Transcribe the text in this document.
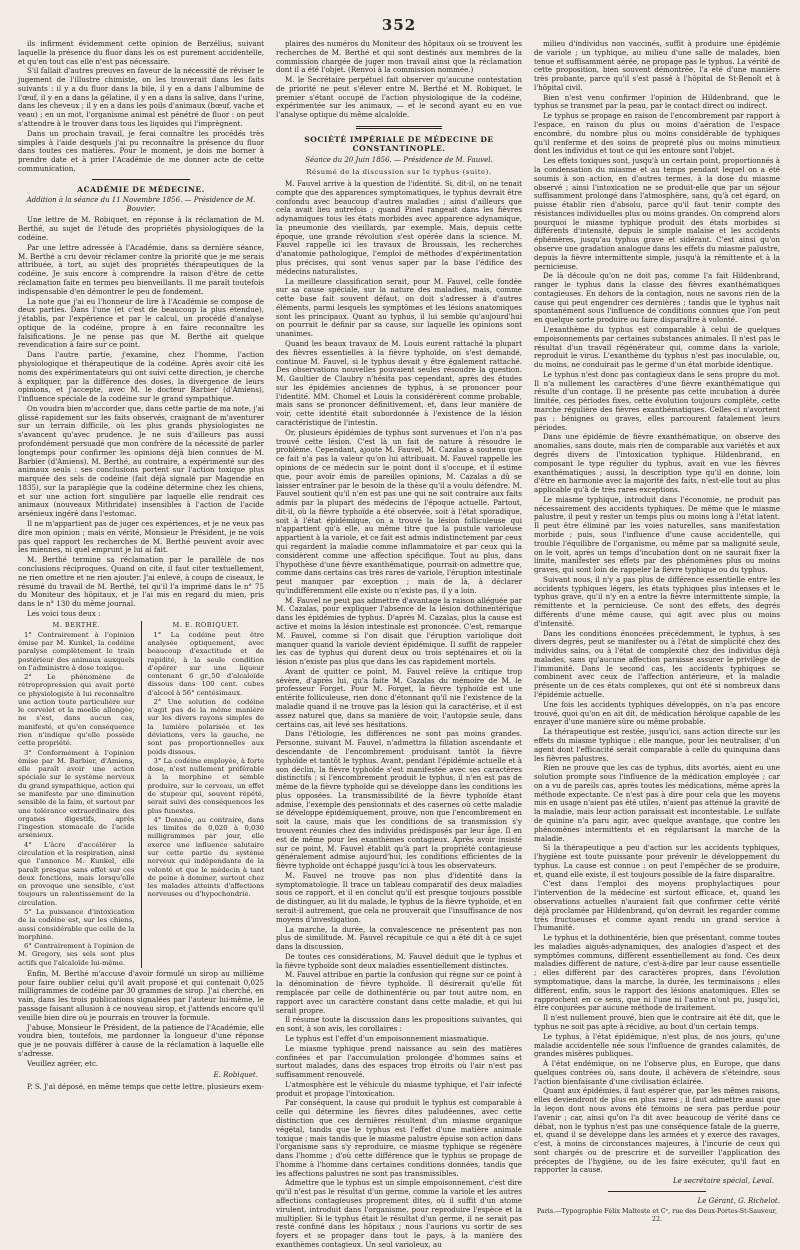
352

ils infirment évidemment cette opinion de Berzélius, suivant laquelle la présence du fluor dans les os est purement accidentelle, et qu'en tout cas elle n'est pas nécessaire.

S'il fallait d'autres preuves en faveur de la nécessité de réviser le jugement de l'illustre chimiste, on les trouverait dans les faits suivants : il y a du fluor dans la bile, il y en a dans l'albumine de l'œuf, il y en a dans la gélatine, il y en a dans la salive, dans l'urine, dans les cheveux ; il y en a dans les poils d'animaux (bœuf, vache et veau) ; en un mot, l'organisme animal est pénétré de fluor : on peut s'attendre à le trouver dans tous les liquides qui l'imprègnent.

Dans un prochain travail, je ferai connaître les procédés très simples à l'aide desquels j'ai pu reconnaître la présence du fluor dans toutes ces matières. Pour le moment, je dois me borner à prendre date et à prier l'Académie de me donner acte de cette communication.

ACADÉMIE DE MÉDECINE.
Addition à la séance du 11 Novembre 1856. — Présidence de M. Bouvier.

Une lettre de M. Robiquet, en réponse à la réclamation de M. Berthé, au sujet de l'étude des propriétés physiologiques de la codéine.

Par une lettre adressée à l'Académie, dans sa dernière séance, M. Berthé a cru devoir réclamer contre la priorité que je me serais attribuée, à tort, au sujet des propriétés thérapeutiques de la codéine. Je suis encore à comprendre la raison d'être de cette réclamation faite en termes peu bienveillants. Il me paraît toutefois indispensable d'en démontrer le peu de fondement.

La note que j'ai eu l'honneur de lire à l'Académie se compose de deux parties. Dans l'une (et c'est de beaucoup la plus étendue), j'établis, par l'expérience et par le calcul, un procédé d'analyse optique de la codéine, propre à en faire reconnaître les falsifications. Je ne pense pas que M. Berthé ait quelque revendication à faire sur ce point.

Dans l'autre partie, j'examine, chez l'homme, l'action physiologique et thérapeutique de la codéine. Après avoir cité les noms des expérimentateurs qui ont suivi cette direction, je cherche à expliquer, par la différence des doses, la divergence de leurs opinions, et j'accepte, avec M. le docteur Barbier (d'Amiens), l'influence spéciale de la codéine sur le grand sympathique.

On voudra bien m'accorder que, dans cette partie de ma note, j'ai glissé rapidement sur les faits observés, craignant de m'aventurer sur un terrain difficile, où les plus grands physiologistes ne s'avancent qu'avec prudence. Je ne suis d'ailleurs pas aussi profondément persuadé que mon confrère de la nécessité de parler longtemps pour confirmer les opinions déjà bien connues de M. Barbier (d'Amiens). M. Berthé, au contraire, a expérimenté sur des animaux seuls : ses conclusions portent sur l'action toxique plus marquée des sels de codéine (fait déjà signalé par Magendie en 1835), sur la paraplégie que la codéine détermine chez les chiens, et sur une action fort singulière par laquelle elle rendrait ces animaux (nouveaux Mithridate) insensibles à l'action de l'acide arsénieux ingéré dans l'estomac.

Il ne m'appartient pas de juger ces expériences, et je ne veux pas dire mon opinion ; mais en vérité, Monsieur le Président, je ne vois pas quel rapport les recherches de M. Berthé peuvent avoir avec les miennes, ni quel emprunt je lui ai fait.

M. Berthé termine sa réclamation par le parallèle de nos conclusions réciproques. Quand on cite, il faut citer textuellement, ne rien omettre et ne rien ajouter. J'ai enlevé, à coups de ciseaux, le résumé du travail de M. Berthé, tel qu'il l'a imprimé dans le n° 75 du Moniteur des hôpitaux, et je l'ai mis en regard du mien, pris dans le n° 130 du même journal.

Les voici tous deux :

M. BERTHÉ.

1° Contrairement à l'opinion émise par M. Kunkel, la codéine paralyse complètement le train postérieur des animaux auxquels on l'administre à dose toxique.

2° Le phénomène de rétropropression qui avait porté ce physiologiste à lui reconnaître une action toute particulière sur le cervelet et la moelle allongée, ne s'est, dans aucun cas, manifesté, et qu'en conséquence rien n'indique qu'elle possède cette propriété.

3° Conformément à l'opinion émise par M. Barbier, d'Amiens, elle paraît avoir une action spéciale sur le système nerveux du grand sympathique, action qui se manifeste par une diminution sensible de la faim, et surtout par une tolérance extraordinaire des organes digestifs, après l'ingestion stomacale de l'acide arsénieux.

4° L'âcre d'accélérer la circulation et la respiration, ainsi que l'annonce M. Kunkel, elle paraît presque sans effet sur ces deux fonctions, mais lorsqu'elle en provoque une sensible, c'est toujours un ralentissement de la circulation.

5° La puissance d'intoxication de la codéine est, sur les chiens, aussi considérable que celle de la morphine.

6° Contrairement à l'opinion de M. Gregory, ses sels sont plus actifs que l'alcaloïde lui-même.

M. E. ROBIQUET.

1° La codéine peut être analysée optiquement, avec beaucoup d'exactitude et de rapidité, à la seule condition d'opérer sur une liqueur contenant 6 gr.,50 d'alcaloïde dissous dans 100 cent. cubes d'alcool à 56° centésimaux.

2° Une solution de codéine n'agit pas de la même manière sur les divers rayons simples de la lumière polarisée et les déviations, vers la gauche, ne sont pas proportionnelles aux poids dissous.

3° La codéine employée, à forte dose, n'est nullement préférable à la morphine et semble produire, sur le cerveau, un effet de stupeur qui, souvent répété, serait suivi des conséquences les plus funestes.

4° Donnée, au contraire, dans les limites de 0,020 à 0,030 milligrammes par jour, elle exerce une influence salutaire sur cette partie du système nerveux qui indépendante de la volonté et que le médecin à tant de peine à dominer, surtout chez les malades atteints d'affections nerveuses ou d'hypochondrie.

Enfin, M. Berthé m'accuse d'avoir formulé un sirop au millième pour faire oublier celui qu'il avait proposé et qui contenait 0,025 milligrammes de codéine par 30 grammes de sirop. J'ai cherché, en vain, dans les trois publications signalées par l'auteur lui-même, le passage faisant allusion à ce nouveau sirop, et j'attends encore qu'il veuille bien dire où je pourrais en trouver la formule.

J'abuse, Monsieur le Président, de la patience de l'Académie, elle voudra bien, toutefois, me pardonner la longueur d'une réponse que je ne pouvais différer à cause de la réclamation à laquelle elle s'adresse.

Veuillez agréer, etc.

E. Robiquet.

P. S. J'ai déposé, en même temps que cette lettre, plusieurs exem-

plaires des numéros du Moniteur des hôpitaux où se trouvent les recherches de M. Berthé et qui sont destinés aux membres de la commission chargée de juger mon travail ainsi que la réclamation dont il a été l'objet. (Renvoi à la commission nommée.)

M. le Secrétaire perpétuel fait observer qu'aucune contestation de priorité ne peut s'élever entre M. Berthé et M. Robiquet, le premier s'étant occupé de l'action physiologique de la codéine, expérimentée sur les animaux, — et le second ayant eu en vue l'analyse optique du même alcaloïde.

SOCIÉTÉ IMPÉRIALE DE MÉDECINE DE CONSTANTINOPLE.
Séance du 20 Juin 1856. — Présidence de M. Fauvel.
Résumé de la discussion sur le typhus (suite).

M. Fauvel arrive à la question de l'identité. Si, dit-il, on ne tenait compte que des apparences symptomatiques, le typhus devrait être confondu avec beaucoup d'autres maladies ; ainsi d'ailleurs que cela avait lieu autrefois ; quand Pinel rangeait dans les fièvres adynamiques tous les états morbides avec apparence adynamique, la pneumonie des vieillards, par exemple. Mais, depuis cette époque, une grande révolution s'est opérée dans la science. M. Fauvel rappelle ici les travaux de Broussais, les recherches d'anatomie pathologique, l'emploi de méthodes d'expérimentation plus précises, qui sont venus saper par la base l'édifice des médecins naturalistes.

La meilleure classification serait, pour M. Fauvel, celle fondée sur sa cause spéciale, sur la nature des maladies, mais, comme cette base fait souvent défaut, on doit s'adresser à d'autres éléments, parmi lesquels les symptômes et les lésions anatomiques sont les principaux. Quant au typhus, il lui semble qu'aujourd'hui on pourrait le définir par sa cause, sur laquelle les opinions sont unanimes.

Quand les beaux travaux de M. Louis eurent rattaché la plupart des fièvres essentielles à la fièvre typhoïde, on s'est demandé, continue M. Fauvel, si le typhus devait y être également rattaché. Des observations nouvelles pouvaient seules résoudre la question. M. Gaultier de Claubry n'hésita pas cependant, après des études sur les épidémies anciennes de typhus, à se prononcer pour l'identité. MM. Chomel et Louis la considérèrent comme probable, mais sans se prononcer définitivement, et, dans leur manière de voir, cette identité était subordonnée à l'existence de la lésion caractéristique de l'intestin.

Or, plusieurs épidémies de typhus sont survenues et l'on n'a pas trouvé cette lésion. C'est là un fait de nature à résoudre le problème. Cependant, ajoute M. Fauvel, M. Cazalas a soutenu que ce fait n'a pas la valeur qu'on lui attribuait. M. Fauvel rappelle les opinions de ce médecin sur le point dont il s'occupe, et il estime que, pour avoir émis de pareilles opinions, M. Cazalas a dû se laisser entraîner par le besoin de la thèse qu'il a voulu défendre. M. Fauvel soutient qu'il n'en est pas une qui ne soit contraire aux faits admis par la plupart des médecins de l'époque actuelle. Partout, dit-il, où la fièvre typhoïde a été observée, soit à l'état sporadique, soit à l'état épidémique, on a trouvé la lésion folliculeuse qui n'appartient qu'à elle, au même titre que la pustule varioleuse appartient à la variole, et ce fait est admis indistinctement par ceux qui regardent la maladie comme inflammatoire et par ceux qui la considèrent comme une affection spécifique. Tout au plus, dans l'hypothèse d'une fièvre exanthématique, pourrait-on admettre que, comme dans certains cas très rares de variole, l'éruption intestinale peut manquer par exception ; mais de là, à déclarer qu'indifféremment elle existe ou n'existe pas, il y a loin.

M. Fauvel ne peut pas admettre d'avantage la raison alléguée par M. Cazalas, pour expliquer l'absence de la lésion dothinentérique dans les épidémies de typhus. D'après M. Cazalas, plus la cause est active et moins la lésion intestinale est prononcée. C'est, remarque M. Fauvel, comme si l'on disait que l'éruption variolique doit manquer quand la variole devient épidémique. Il suffit de rappeler les cas de typhus qui durent deux ou trois septénaires et où la lésion n'existe pas plus que dans les cas rapidement mortels.

Avant de quitter ce point, M. Fauvel relève la critique trop sévère, d'après lui, qu'a faite M. Cazalas du mémoire de M. le professeur Forget. Pour M. Forget, la fièvre typhoïde est une entérite folliculeuse, rien donc d'étonnant qu'il nie l'existence de la maladie quand il ne trouve pas la lésion qui la caractérise, et il est assez naturel que, dans sa manière de voir, l'autopsie seule, dans certains cas, ait levé ses hésitations.

Dans l'étiologie, les différences ne sont pas moins grandes. Personne, suivant M. Fauvel, n'admettra la filiation ascendante et descendante de l'encombrement produisant tantôt la fièvre typhoïde et tantôt le typhus. Avant, pendant l'épidémie actuelle et à son déclin, la fièvre typhoïde s'est manifestée avec ses caractères distinctifs ; si l'encombrement produit le typhus, il n'en est pas de même de la fièvre typhoïde qui se développe dans les conditions les plus opposées. La transmissibilité de la fièvre typhoïde étant admise, l'exemple des pensionnats et des casernes où cette maladie se développe épidémiquement, prouve, non que l'encombrement en soit la cause, mais que les conditions de sa transmission s'y trouvent réunies chez des individus prédisposés par leur âge. Il en est de même pour les exanthèmes contagieux. Après avoir insisté sur ce point, M. Fauvel établit qu'à part la propriété contagieuse généralement admise aujourd'hui, les conditions efficientes de la fièvre typhoïde ont échappé jusqu'ici à tous les observateurs.

M. Fauvel ne trouve pas non plus d'identité dans la symptomatologie. Il trace un tableau comparatif des deux maladies sous ce rapport, et il en conclut qu'il est presque toujours possible de distinguer, au lit du malade, le typhus de la fièvre typhoïde, et en serait-il autrement, que cela ne prouverait que l'insuffisance de nos moyens d'investigation.

La marche, la durée, la convalescence ne présentent pas non plus de similitude. M. Fauvel récapitule ce qui a été dit à ce sujet dans la discussion.

De toutes ces considérations, M. Fauvel déduit que le typhus et la fièvre typhoïde sont deux maladies essentiellement distinctes.

M. Fauvel attribue en partie la confusion qui règne sur ce point à la dénomination de fièvre typhoïde. Il désirerait qu'elle fût remplacée par celle de dothinentérie ou par tout autre nom, en rapport avec un caractère constant dans cette maladie, et qui lui serait propre.

Il résume toute la discussion dans les propositions suivantes, qui en sont, à son avis, les corollaires :

Le typhus est l'effet d'un empoisonnement miasmatique.

Le miasme typhique prend naissance au sein des matières confinées et par l'accumulation prolongée d'hommes sains et surtout malades, dans des espaces trop étroits où l'air n'est pas suffisamment renouvelé.

L'atmosphère est le véhicule du miasme typhique, et l'air infecté produit et propage l'intoxication.

Par conséquent, la cause qui produit le typhus est comparable à celle qui détermine les fièvres dites paludéennes, avec cette distinction que ces dernières résultent d'un miasme organique végétal, tandis que le typhus est l'effet d'une matière animale toxique ; mais tandis que le miasme palustre épuise son action dans l'organisme sans s'y reproduire, ce miasme typhique se régénère dans l'homme ; d'où cette différence que le typhus se propage de l'homme à l'homme dans certaines conditions données, tandis que les affections palustres ne sont pas transmissibles.

Admettre que le typhus est un simple empoisonnement, c'est dire qu'il n'est pas le résultat d'un germe, comme la variole et les autres affections contagieuses proprement dites, où il suffit d'un atome virulent, introduit dans l'organisme, pour reproduire l'espèce et la multiplier. Si le typhus était le résultat d'un germe, il ne serait pas resté confiné dans les hôpitaux ; nous l'aurions vu sortir de ses foyers et se propager dans tout le pays, à la manière des exanthèmes contagieux. Un seul varioleux, au

milieu d'individus non vaccinés, suffit à produire une épidémie de variole ; un typhique, au milieu d'une salle de malades, bien tenue et suffisamment aérée, ne propage pas le typhus. La vérité de cette proposition, bien souvent démontrée, l'a été d'une manière très probante, parce qu'il s'est passé à l'hôpital de St-Benoît et à l'hôpital civil.

Bien n'est venu confirmer l'opinion de Hildenbrand, que le typhus se transmet par la peau, par le contact direct ou indirect.

Le typhus se propage en raison de l'encombrement par rapport à l'espace, en raison du plus ou moins d'aération de l'espace encombré, du nombre plus ou moins considérable de typhiques qu'il renferme et des soins de propreté plus ou moins minutieux dont les individus et tout ce qui les entoure sont l'objet.

Les effets toxiques sont, jusqu'à un certain point, proportionnés à la condensation du miasme et au temps pendant lequel on a été soumis à son action, en d'autres termes, à la dose du miasme observé ; ainsi l'intoxication ne se produit-elle que par un séjour suffisamment prolongé dans l'atmosphère, sans, qu'à cet égard, on puisse établir rien d'absolu, parce qu'il faut tenir compte des résistances individuelles plus ou moins grandes. On comprend alors pourquoi le miasme typhique produit des états morbides si différents d'intensité, depuis le simple malaise et les accidents éphémères, jusqu'au typhus grave et sidérant. C'est ainsi qu'on observe une gradation analogue dans les effets du miasme palustre, depuis la fièvre intermittente simple, jusqu'à la rémittente et à la pernicieuse.

De là découle qu'on ne doit pas, comme l'a fait Hildenbrand, ranger le typhus dans la classe des fièvres exanthématiques contagieuses. En dehors de la contagion, nous ne savons rien de la cause qui peut engendrer ces dernières ; tandis que le typhus naît spontanément sous l'influence de conditions connues que l'on peut en quelque sorte produire ou faire disparaître à volonté.

L'exanthème du typhus est comparable à celui de quelques empoisonnements par certaines substances animales. Il n'est pas le résultat d'un travail régénérateur qui, comme dans la variole, reproduit le virus. L'exanthème du typhus n'est pas inoculable, ou, du moins, ne conduirait pas le germe d'un état morbide identique.

Le typhus n'est donc pas contagieux dans le sens propre du mot. Il n'a nullement les caractères d'une fièvre exanthématique qui résulte d'un contage. Il ne présente pas cette incubation à durée limitée, ces périodes fixes, cette évolution toujours complète, cette marche régulière des fièvres exanthématiques. Celles-ci n'avortent pas : bénignes ou graves, elles parcourent fatalement leurs périodes.

Dans une épidémie de fièvre exanthématique, on observe des anomalies, sans doute, mais rien de comparable aux variétés et aux degrés divers de l'intoxication typhique. Hildenbrand, en composant le type régulier du typhus, avait en vue les fièvres exanthématiques ; aussi, la description type qu'il en donne, loin d'être en harmonie avec la majorité des faits, n'est-elle tout au plus applicable qu'à de très rares exceptions.

Le miasme typhique, introduit dans l'économie, ne produit pas nécessairement des accidents typhiques. De même que le miasme palustre, il peut y rester un temps plus ou moins long à l'état latent. Il peut être éliminé par les voies naturelles, sans manifestation morbide ; puis, sous l'influence d'une cause accidentelle, qui trouble l'équilibre de l'organisme, ou même par sa malignité seule, on le voit, après un temps d'incubation dont on ne saurait fixer la limite, manifester ses effets par des phénomènes plus ou moins graves, qui sont loin de rappeler la fièvre typhique ou du typhus.

Suivant nous, il n'y a pas plus de différence essentielle entre les accidents typhiques légers, les états typhiques plus intenses et le typhus grave, qu'il n'y en a entre la fièvre intermittente simple, la rémittente et la pernicieuse. Ce sont des effets, des degrés différents d'une même cause, qui agit avec plus ou moins d'intensité.

Dans les conditions énoncées précédemment, le typhus, à ses divers degrés, peut se manifester ou à l'état de simplicité chez des individus sains, ou à l'état de complexité chez des individus déjà malades, sans qu'aucune affection paraisse assurer le privilège de l'immunité. Dans le second cas, les accidents typhiques se combinent avec ceux de l'affection antérieure, et la maladie présente un de ces états complexes, qui ont été si nombreux dans l'épidémie actuelle.

Une fois les accidents typhiques développés, on n'a pas encore trouvé, quoi qu'on en ait dit, de médication héroïque capable de les enrayer d'une manière sûre ou même probable.

La thérapeutique est restée, jusqu'ici, sans action directe sur les effets du miasme typhique ; elle manque, pour les neutraliser, d'un agent dont l'efficacité serait comparable à celle du quinquina dans les fièvres palustres.

Rien ne prouve que les cas de typhus, dits avortés, aient eu une solution prompte sous l'influence de la médication employée ; car on a vu de pareils cas, après toutes les médications, même après la méthode expectante. Ce n'est pas à dire pour cela que les moyens mis en usage n'aient pas été utiles, n'aient pas atténué la gravité de la maladie, mais leur action paraissait est incontestable. Le sulfate de quinine n'a paru agir, avec quelque avantage, que contre les phénomènes intermittents et en régularisant la marche de la maladie.

Si la thérapeutique a peu d'action sur les accidents typhiques, l'hygiène est toute puissante pour prévenir le développement du typhus. La cause est connue : on peut l'empêcher de se produire, et, quand elle existe, il est toujours possible de la faire disparaître.

C'est dans l'emploi des moyens prophylactiques pour l'intervention de la médecine est surtout efficace, et, quand les observations actuelles n'auraient fait que confirmer cette vérité déjà proclamée par Hildenbrand, qu'on devrait les regarder comme très fructueuses et comme ayant rendu un grand service à l'humanité.

Le typhus et la dothinentérie, bien que présentant, comme toutes les maladies aiguës-adynamiques, des analogies d'aspect et des symptômes communs, diffèrent essentiellement au fond. Ces deux maladies diffèrent de nature, c'est-à-dire par leur cause essentielle ; elles diffèrent par des caractères propres, dans l'évolution symptomatique, dans la marche, la durée, les terminaisons ; elles diffèrent, enfin, sous le rapport des lésions anatomiques. Elles se rapprochent en ce sens, que ni l'une ni l'autre n'ont pu, jusqu'ici, être conjurées par aucune méthode de traitement.

Il n'est nullement prouvé, bien que le contraire ait été dit, que le typhus ne soit pas apte à récidive, au bout d'un certain temps.

Le typhus, à l'état épidémique, n'est plus, de nos jours, qu'une maladie accidentelle née sous l'influence de grandes calamités, de grandes misères publiques.

À l'état endémique, on ne l'observe plus, en Europe, que dans quelques contrées où, sans doute, il achèvera de s'éteindre, sous l'action bienfaisante d'une civilisation éclairée.

Quant aux épidémies, il faut espérer que, par les mêmes raisons, elles deviendront de plus en plus rares ; il faut admettre aussi que la leçon dont nous avons été témoins ne sera pas perdue pour l'avenir ; car, ainsi qu'on l'a dit avec beaucoup de vérité dans ce débat, non le typhus n'est pas une conséquence fatale de la guerre, et, quand il se développe dans les armées et y exerce des ravages, c'est, à moins de circonstances majeures, à l'incurie de ceux qui sont chargés ou de prescrire et de surveiller l'application des préceptes de l'hygiène, ou de les faire exécuter, qu'il faut en rapporter la cause.

Le secrétaire spécial, Leval.
Le Gérant, G. Richelot.
Paris.—Typographie Félix Malteste et Cᵉ, rue des Deux-Portes-St-Sauveur, 22.
